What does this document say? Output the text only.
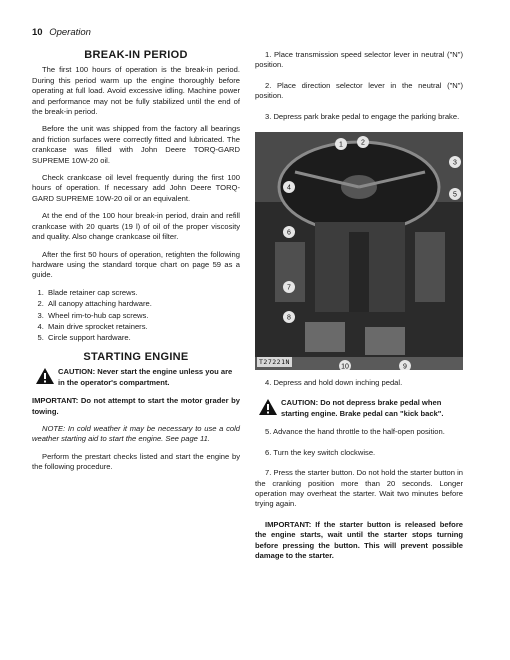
10 Operation
BREAK-IN PERIOD

The first 100 hours of operation is the break-in period. During this period warm up the engine thoroughly before operating at full load. Avoid excessive idling. Machine power and performance may not be fully stabilized until the end of the break-in period.

Before the unit was shipped from the factory all bearings and friction surfaces were correctly fitted and lubricated. The crankcase was filled with John Deere TORQ-GARD SUPREME 10W-20 oil.

Check crankcase oil level frequently during the first 100 hours of operation. If necessary add John Deere TORQ-GARD SUPREME 10W-20 oil or an equivalent.

At the end of the 100 hour break-in period, drain and refill crankcase with 20 quarts (19 l) of oil of the proper viscosity and quality. Also change crankcase oil filter.

After the first 50 hours of operation, retighten the following hardware using the standard torque chart on page 59 as a guide.

1. Blade retainer cap screws.
2. All canopy attaching hardware.
3. Wheel rim-to-hub cap screws.
4. Main drive sprocket retainers.
5. Circle support hardware.
STARTING ENGINE
CAUTION: Never start the engine unless you are in the operator's compartment.

IMPORTANT: Do not attempt to start the motor grader by towing.

NOTE: In cold weather it may be necessary to use a cold weather starting aid to start the engine. See page 11.

Perform the prestart checks listed and start the engine by the following procedure.

1. Place transmission speed selector lever in neutral ("N") position.

2. Place direction selector lever in the neutral ("N") position.

3. Depress park brake pedal to engage the parking brake.

1	2
3
4
5
6
7
8
9
10
T27221N

4. Depress and hold down inching pedal.

CAUTION: Do not depress brake pedal when starting engine. Brake pedal can "kick back".

5. Advance the hand throttle to the half-open position.

6. Turn the key switch clockwise.

7. Press the starter button. Do not hold the starter button in the cranking position more than 20 seconds. Longer operation may overheat the starter. Wait two minutes before trying again.

IMPORTANT: If the starter button is released before the engine starts, wait until the starter stops turning before pressing the button. This will prevent possible damage to the starter.
